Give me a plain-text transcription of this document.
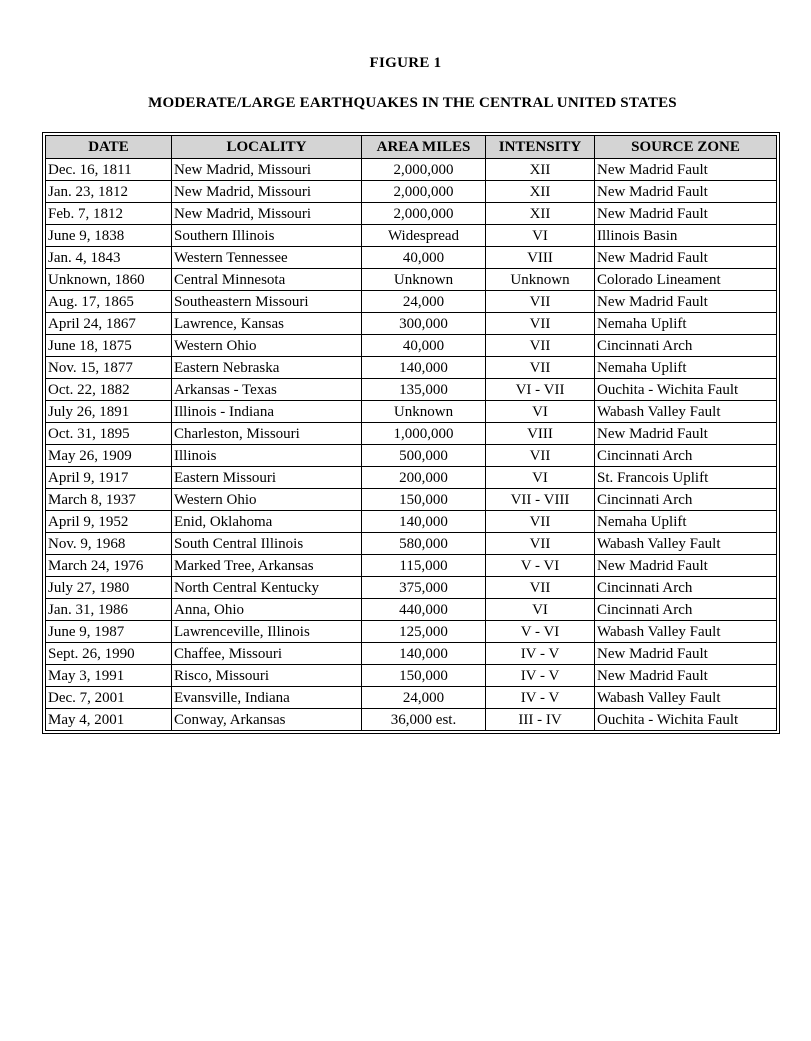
FIGURE 1
MODERATE/LARGE EARTHQUAKES IN THE CENTRAL UNITED STATES
DATE	LOCALITY	AREA MILES	INTENSITY	SOURCE ZONE
Dec. 16, 1811	New Madrid, Missouri	2,000,000	XII	New Madrid Fault
Jan. 23, 1812	New Madrid, Missouri	2,000,000	XII	New Madrid Fault
Feb. 7, 1812	New Madrid, Missouri	2,000,000	XII	New Madrid Fault
June 9, 1838	Southern Illinois	Widespread	VI	Illinois Basin
Jan. 4, 1843	Western Tennessee	40,000	VIII	New Madrid Fault
Unknown, 1860	Central Minnesota	Unknown	Unknown	Colorado Lineament
Aug. 17, 1865	Southeastern Missouri	24,000	VII	New Madrid Fault
April 24, 1867	Lawrence, Kansas	300,000	VII	Nemaha Uplift
June 18, 1875	Western Ohio	40,000	VII	Cincinnati Arch
Nov. 15, 1877	Eastern Nebraska	140,000	VII	Nemaha Uplift
Oct. 22, 1882	Arkansas - Texas	135,000	VI - VII	Ouchita - Wichita Fault
July 26, 1891	Illinois - Indiana	Unknown	VI	Wabash Valley Fault
Oct. 31, 1895	Charleston, Missouri	1,000,000	VIII	New Madrid Fault
May 26, 1909	Illinois	500,000	VII	Cincinnati Arch
April 9, 1917	Eastern Missouri	200,000	VI	St. Francois Uplift
March 8, 1937	Western Ohio	150,000	VII - VIII	Cincinnati Arch
April 9, 1952	Enid, Oklahoma	140,000	VII	Nemaha Uplift
Nov. 9, 1968	South Central Illinois	580,000	VII	Wabash Valley Fault
March 24, 1976	Marked Tree, Arkansas	115,000	V - VI	New Madrid Fault
July 27, 1980	North Central Kentucky	375,000	VII	Cincinnati Arch
Jan. 31, 1986	Anna, Ohio	440,000	VI	Cincinnati Arch
June 9, 1987	Lawrenceville, Illinois	125,000	V - VI	Wabash Valley Fault
Sept. 26, 1990	Chaffee, Missouri	140,000	IV - V	New Madrid Fault
May 3, 1991	Risco, Missouri	150,000	IV - V	New Madrid Fault
Dec. 7, 2001	Evansville, Indiana	24,000	IV - V	Wabash Valley Fault
May 4, 2001	Conway, Arkansas	36,000 est.	III - IV	Ouchita - Wichita Fault
